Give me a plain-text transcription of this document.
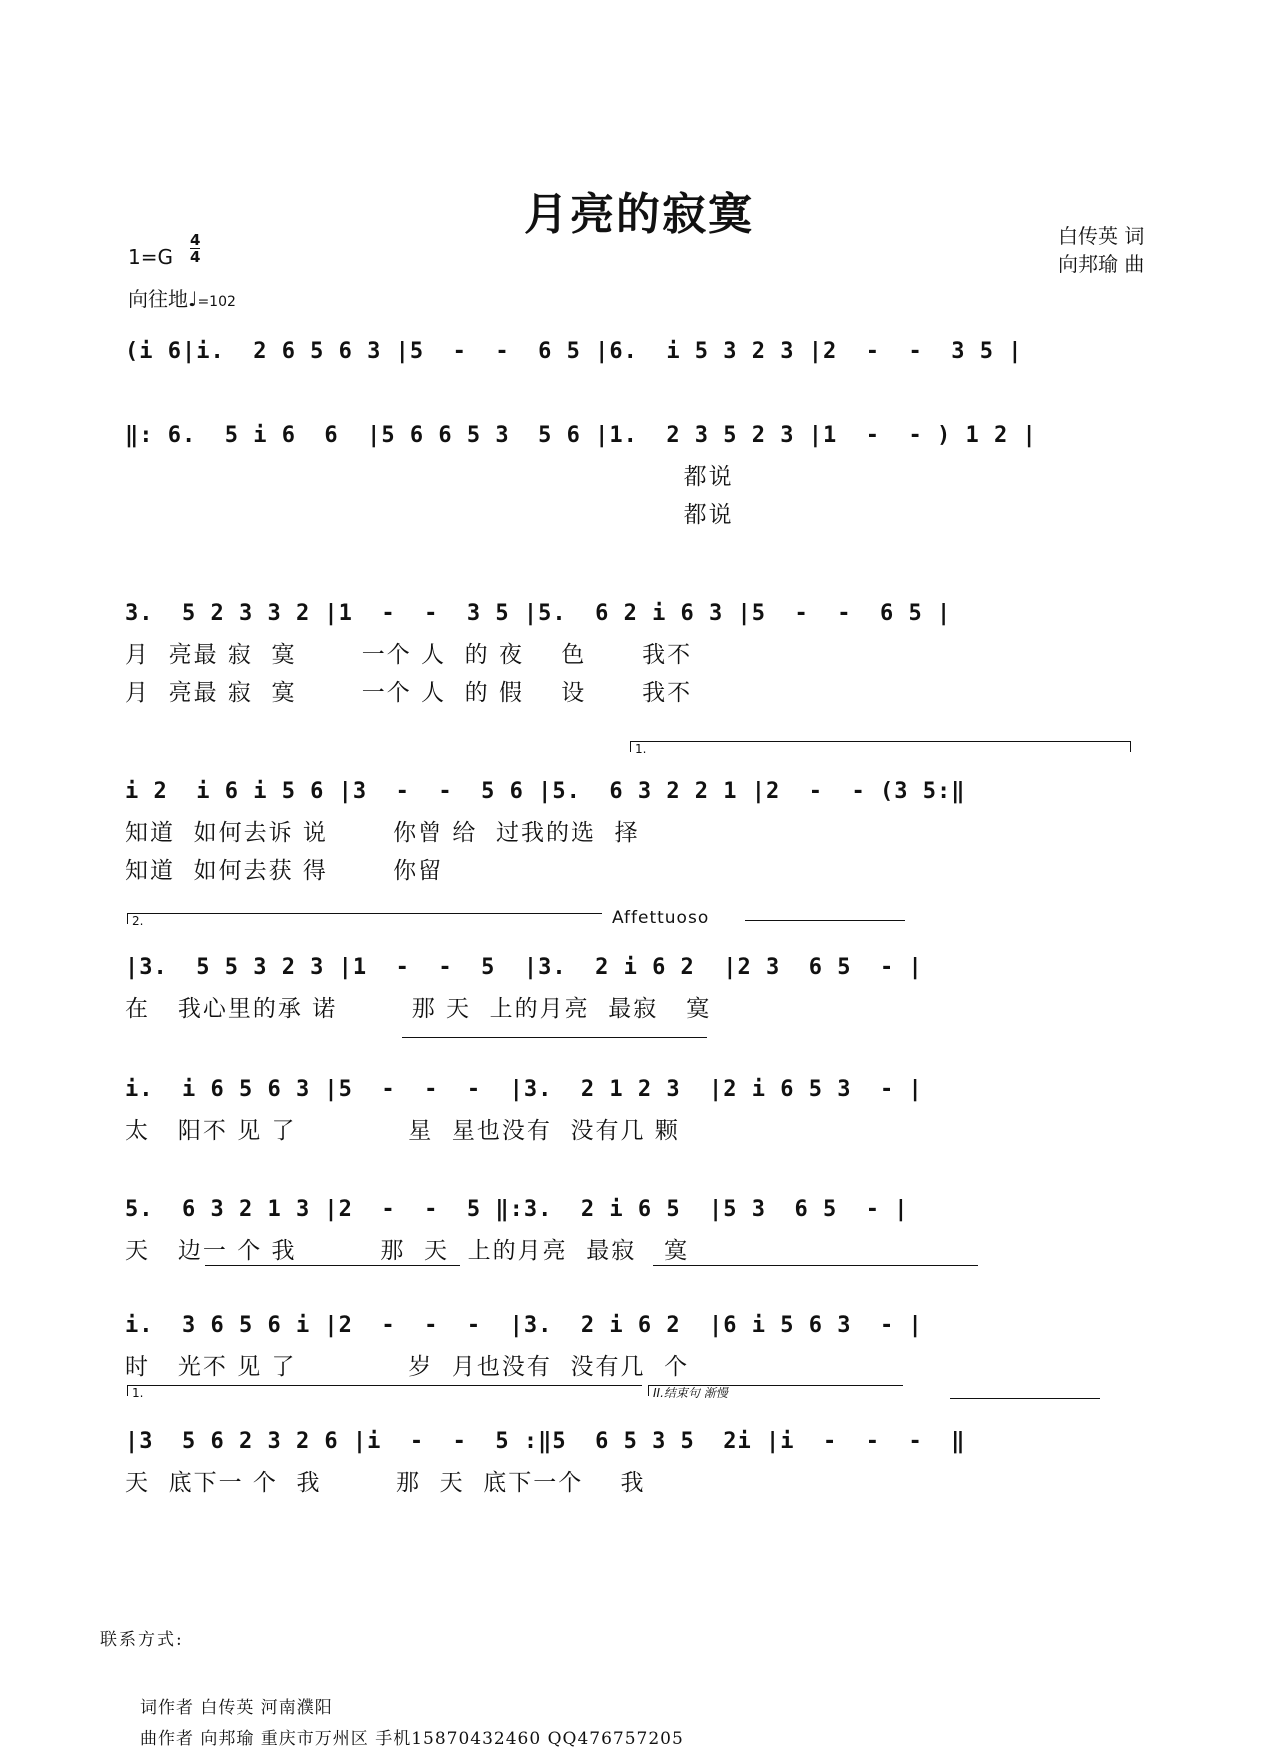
月亮的寂寞	白传英 词
向邦瑜 曲
1=G
4
4
向往地♩=102
(i 6|i.  2 6 5 6 3 |5  -  -  6 5 |6.  i 5 3 2 3 |2  -  -  3 5 |
‖: 6.  5 i 6  6  |5 6 6 5 3  5 6 |1.  2 3 5 2 3 |1  -  - ) 1 2 |
都说
都说
3.  5 2 3 3 2 |1  -  -  3 5 |5.  6 2 i 6 3 |5  -  -  6 5 |
月  亮最 寂  寞       一个 人  的 夜    色      我不
月  亮最 寂  寞       一个 人  的 假    设      我不
1.
i 2  i 6 i 5 6 |3  -  -  5 6 |5.  6 3 2 2 1 |2  -  - (3 5:‖
知道  如何去诉 说       你曾 给  过我的选  择
知道  如何去获 得       你留
2.	Affettuoso
|3.  5 5 3 2 3 |1  -  -  5  |3.  2 i 6 2  |2 3  6 5  - |
在   我心里的承 诺        那 天  上的月亮  最寂   寞
i.  i 6 5 6 3 |5  -  -  -  |3.  2 1 2 3  |2 i 6 5 3  - |
太   阳不 见 了            星  星也没有  没有几 颗
5.  6 3 2 1 3 |2  -  -  5 ‖:3.  2 i 6 5  |5 3  6 5  - |
天   边一 个 我         那  天  上的月亮  最寂   寞
i.  3 6 5 6 i |2  -  -  -  |3.  2 i 6 2  |6 i 5 6 3  - |
时   光不 见 了            岁  月也没有  没有几  个
1.	II.结束句 渐慢
|3  5 6 2 3 2 6 |i  -  -  5 :‖5  6 5 3 5  2i |i  -  -  -  ‖
天  底下一 个  我        那  天  底下一个    我
联系方式:
词作者 白传英 河南濮阳
曲作者 向邦瑜 重庆市万州区 手机15870432460 QQ476757205
